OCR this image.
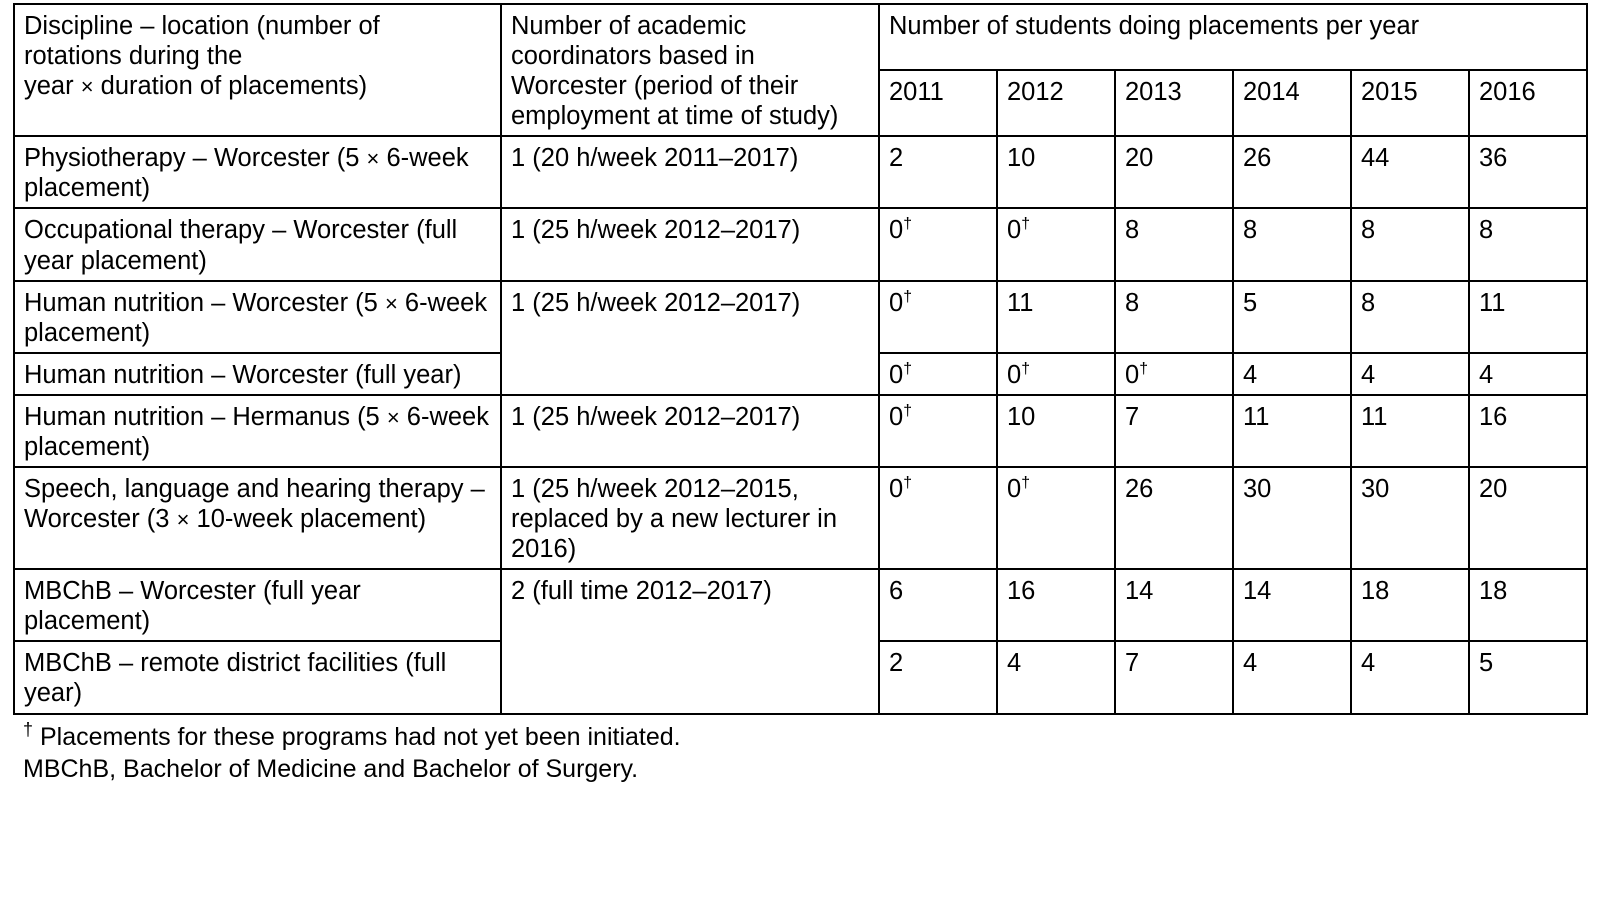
Discipline – location (number of
rotations during the
year × duration of placements)	Number of academic coordinators based in Worcester (period of their employment at time of study)	Number of students doing placements per year					
		2011	2012	2013	2014	2015	2016
Physiotherapy – Worcester (5 × 6-week placement)	1 (20 h/week 2011–2017)	2	10	20	26	44	36
Occupational therapy – Worcester (full year placement)	1 (25 h/week 2012–2017)	0†	0†	8	8	8	8
Human nutrition – Worcester (5 × 6-week placement)	1 (25 h/week 2012–2017)	0†	11	8	5	8	11
Human nutrition – Worcester (full year)		0†	0†	0†	4	4	4
Human nutrition – Hermanus (5 × 6-week placement)	1 (25 h/week 2012–2017)	0†	10	7	11	11	16
Speech, language and hearing therapy – Worcester (3 × 10-week placement)	1 (25 h/week 2012–2015, replaced by a new lecturer in 2016)	0†	0†	26	30	30	20
MBChB – Worcester (full year placement)	2 (full time 2012–2017)	6	16	14	14	18	18
MBChB – remote district facilities (full year)		2	4	7	4	4	5
† Placements for these programs had not yet been initiated.
MBChB, Bachelor of Medicine and Bachelor of Surgery.
